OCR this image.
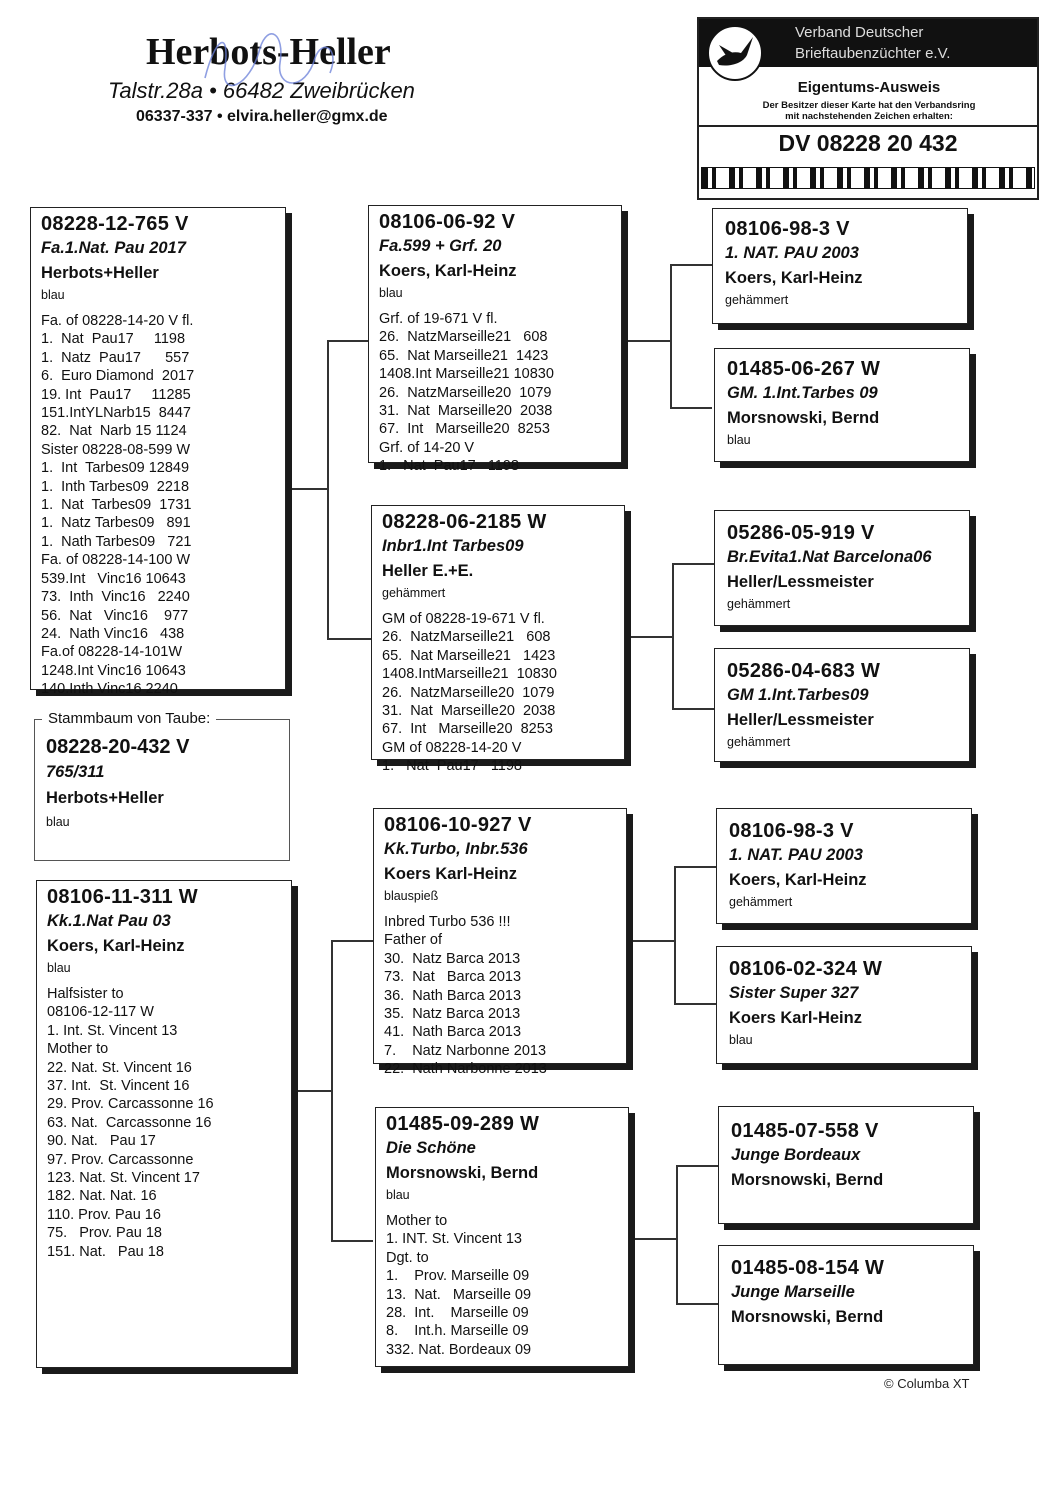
Herbots-Heller
Talstr.28a • 66482 Zweibrücken
06337-337 • elvira.heller@gmx.de
Verband Deutscher
Brieftaubenzüchter e.V.
Eigentums-Ausweis
Der Besitzer dieser Karte hat den Verbandsring
mit nachstehenden Zeichen erhalten:
DV 08228 20 432
08228-12-765 V
Fa.1.Nat. Pau 2017
Herbots+Heller
blau
Fa. of 08228-14-20 V fl.
1.  Nat  Pau17     1198
1.  Natz  Pau17      557
6.  Euro Diamond  2017
19. Int  Pau17     11285
151.IntYLNarb15  8447
82.  Nat  Narb 15 1124
Sister 08228-08-599 W
1.  Int  Tarbes09 12849
1.  Inth Tarbes09  2218
1.  Nat  Tarbes09  1731
1.  Natz Tarbes09   891
1.  Nath Tarbes09   721
Fa. of 08228-14-100 W
539.Int   Vinc16 10643
73.  Inth  Vinc16   2240
56.  Nat   Vinc16    977
24.  Nath Vinc16   438
Fa.of 08228-14-101W
1248.Int Vinc16 10643
140.Inth Vinc16 2240
Stammbaum von Taube:
08228-20-432 V
765/311
Herbots+Heller
blau
08106-11-311 W
Kk.1.Nat Pau 03
Koers, Karl-Heinz
blau
Halfsister to
08106-12-117 W
1. Int. St. Vincent 13
Mother to
22. Nat. St. Vincent 16
37. Int.  St. Vincent 16
29. Prov. Carcassonne 16
63. Nat.  Carcassonne 16
90. Nat.   Pau 17
97. Prov. Carcassonne
123. Nat. St. Vincent 17
182. Nat. Nat. 16
110. Prov. Pau 16
75.   Prov. Pau 18
151. Nat.   Pau 18
08106-06-92 V
Fa.599 + Grf. 20
Koers, Karl-Heinz
blau
Grf. of 19-671 V fl.
26.  NatzMarseille21   608
65.  Nat Marseille21  1423
1408.Int Marseille21 10830
26.  NatzMarseille20  1079
31.  Nat  Marseille20  2038
67.  Int   Marseille20  8253
Grf. of 14-20 V
1.   Nat  Pau17   1198
08228-06-2185 W
Inbr1.Int Tarbes09
Heller E.+E.
gehämmert
GM of 08228-19-671 V fl.
26.  NatzMarseille21   608
65.  Nat Marseille21   1423
1408.IntMarseille21  10830
26.  NatzMarseille20  1079
31.  Nat  Marseille20  2038
67.  Int   Marseille20  8253
GM of 08228-14-20 V
1.   Nat  Pau17   1198
08106-10-927 V
Kk.Turbo, Inbr.536
Koers Karl-Heinz
blauspieß
Inbred Turbo 536 !!!
Father of
30.  Natz Barca 2013
73.  Nat   Barca 2013
36.  Nath Barca 2013
35.  Natz Barca 2013
41.  Nath Barca 2013
7.    Natz Narbonne 2013
22.  Nath Narbonne 2013
01485-09-289 W
Die Schöne
Morsnowski, Bernd
blau
Mother to
1. INT. St. Vincent 13
Dgt. to
1.    Prov. Marseille 09
13.  Nat.   Marseille 09
28.  Int.    Marseille 09
8.    Int.h. Marseille 09
332. Nat. Bordeaux 09
08106-98-3 V
1. NAT. PAU 2003
Koers, Karl-Heinz
gehämmert
01485-06-267 W
GM. 1.Int.Tarbes 09
Morsnowski, Bernd
blau
05286-05-919 V
Br.Evita1.Nat Barcelona06
Heller/Lessmeister
gehämmert
05286-04-683 W
GM 1.Int.Tarbes09
Heller/Lessmeister
gehämmert
08106-98-3 V
1. NAT. PAU 2003
Koers, Karl-Heinz
gehämmert
08106-02-324 W
Sister Super 327
Koers Karl-Heinz
blau
01485-07-558 V
Junge Bordeaux
Morsnowski, Bernd
01485-08-154 W
Junge Marseille
Morsnowski, Bernd
© Columba XT
